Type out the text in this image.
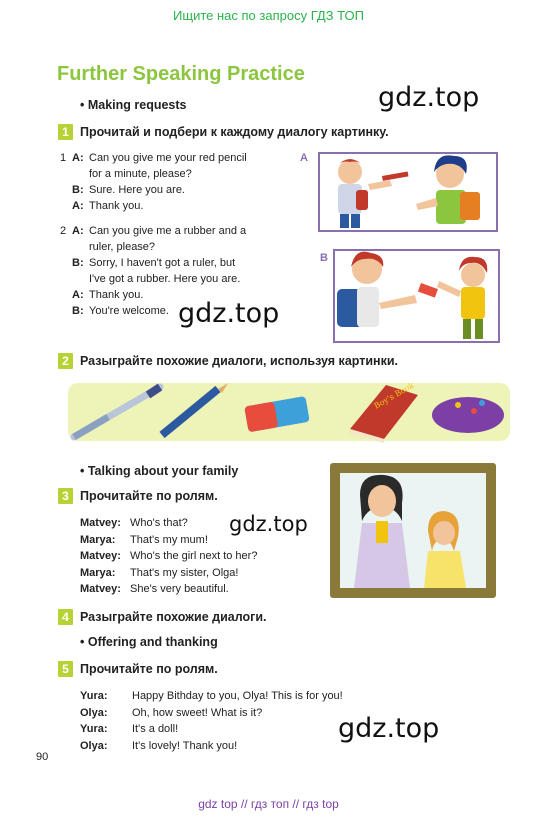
Ищите нас по запросу ГДЗ ТОП
Further Speaking Practice
gdz.top
• Making requests
1 Прочитай и подбери к каждому диалогу картинку.
1 A: Can you give me your red pencil
for a minute, please?
B: Sure. Here you are.
A: Thank you.
2 A: Can you give me a rubber and a
ruler, please?
B: Sorry, I haven't got a ruler, but
I've got a rubber. Here you are.
A: Thank you.
B: You're welcome. gdz.top
A
B
2 Разыграйте похожие диалоги, используя картинки.
Boy's Book
• Talking about your family
3 Прочитайте по ролям.
gdz.top
Matvey: Who's that?
Marya: That's my mum!
Matvey: Who's the girl next to her?
Marya: That's my sister, Olga!
Matvey: She's very beautiful.
4 Разыграйте похожие диалоги.
• Offering and thanking
5 Прочитайте по ролям.
Yura: Happy Bithday to you, Olya! This is for you!
Olya: Oh, how sweet! What is it?
Yura: It's a doll!
Olya: It's lovely! Thank you!
gdz.top
90
gdz top // гдз топ // гдз top
